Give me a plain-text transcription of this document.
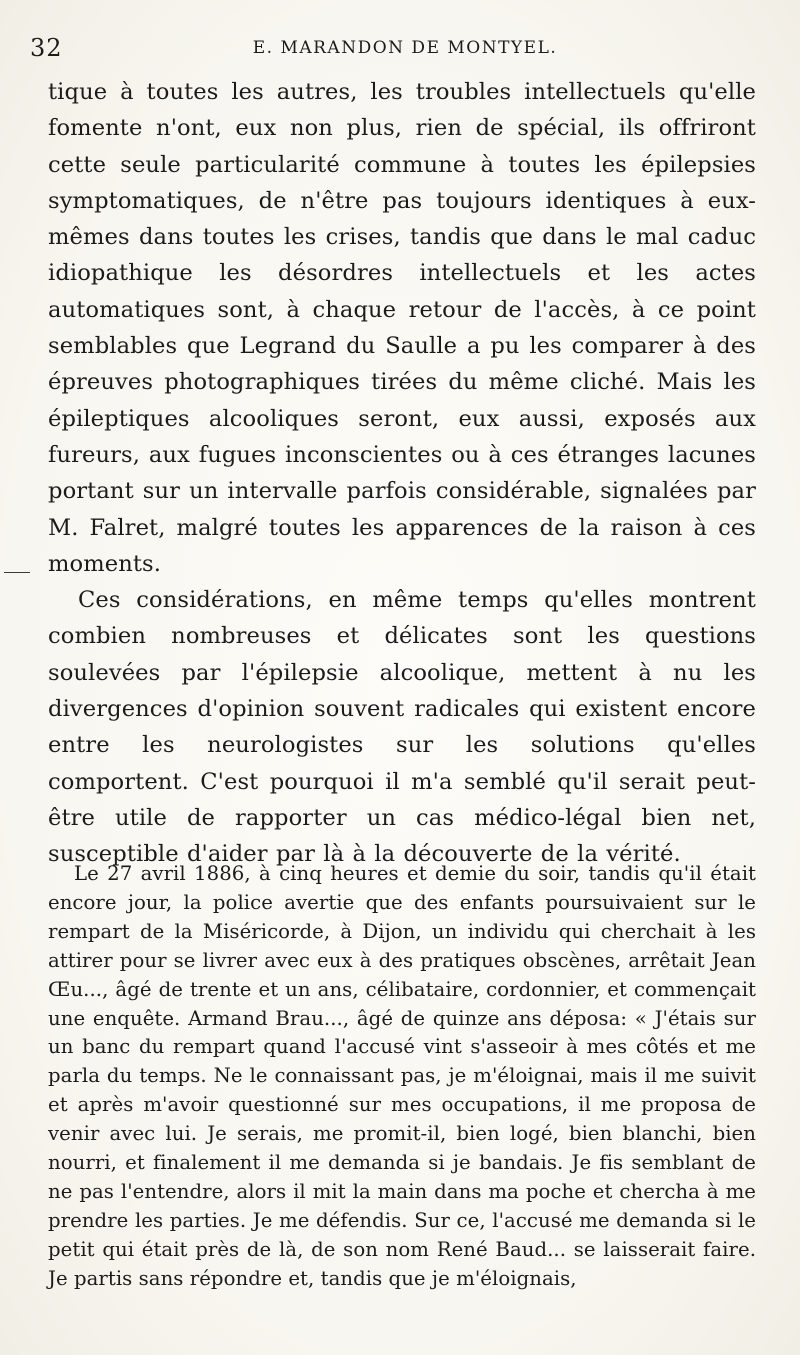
32	E. MARANDON DE MONTYEL.

tique à toutes les autres, les troubles intellectuels qu'elle fomente n'ont, eux non plus, rien de spécial, ils offriront cette seule particularité commune à toutes les épilepsies symptomatiques, de n'être pas toujours identiques à eux-mêmes dans toutes les crises, tandis que dans le mal caduc idiopathique les désordres intellectuels et les actes automatiques sont, à chaque retour de l'accès, à ce point semblables que Legrand du Saulle a pu les comparer à des épreuves photographiques tirées du même cliché. Mais les épileptiques alcooliques seront, eux aussi, exposés aux fureurs, aux fugues inconscientes ou à ces étranges lacunes portant sur un intervalle parfois considérable, signalées par M. Falret, malgré toutes les apparences de la raison à ces moments.

Ces considérations, en même temps qu'elles montrent combien nombreuses et délicates sont les questions soulevées par l'épilepsie alcoolique, mettent à nu les divergences d'opinion souvent radicales qui existent encore entre les neurologistes sur les solutions qu'elles comportent. C'est pourquoi il m'a semblé qu'il serait peut-être utile de rapporter un cas médico-légal bien net, susceptible d'aider par là à la découverte de la vérité.

Le 27 avril 1886, à cinq heures et demie du soir, tandis qu'il était encore jour, la police avertie que des enfants poursuivaient sur le rempart de la Miséricorde, à Dijon, un individu qui cherchait à les attirer pour se livrer avec eux à des pratiques obscènes, arrêtait Jean Œu..., âgé de trente et un ans, célibataire, cordonnier, et commençait une enquête. Armand Brau..., âgé de quinze ans déposa: « J'étais sur un banc du rempart quand l'accusé vint s'asseoir à mes côtés et me parla du temps. Ne le connaissant pas, je m'éloignai, mais il me suivit et après m'avoir questionné sur mes occupations, il me proposa de venir avec lui. Je serais, me promit-il, bien logé, bien blanchi, bien nourri, et finalement il me demanda si je bandais. Je fis semblant de ne pas l'entendre, alors il mit la main dans ma poche et chercha à me prendre les parties. Je me défendis. Sur ce, l'accusé me demanda si le petit qui était près de là, de son nom René Baud... se laisserait faire. Je partis sans répondre et, tandis que je m'éloignais,
